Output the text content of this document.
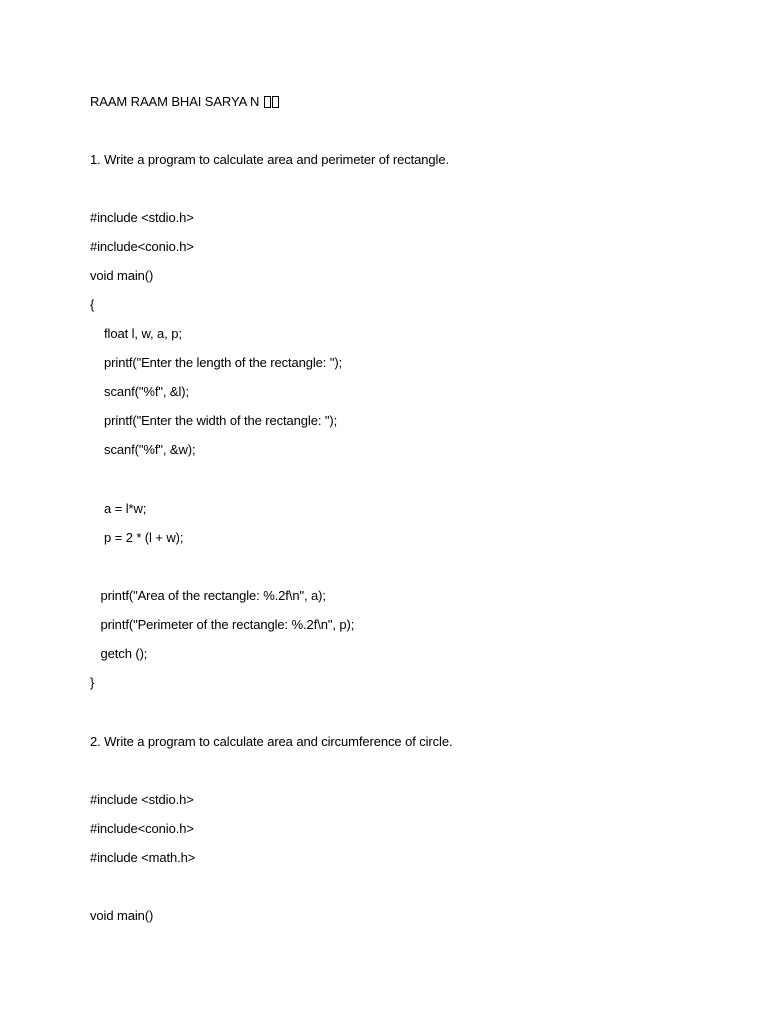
RAAM RAAM BHAI SARYA N
1. Write a program to calculate area and perimeter of rectangle.
#include <stdio.h>
#include<conio.h>
void main()
{
float l, w, a, p;
printf("Enter the length of the rectangle: ");
scanf("%f", &l);
printf("Enter the width of the rectangle: ");
scanf("%f", &w);
a = l*w;
p = 2 * (l + w);
printf("Area of the rectangle: %.2f\n", a);
printf("Perimeter of the rectangle: %.2f\n", p);
getch ();
}
2. Write a program to calculate area and circumference of circle.
#include <stdio.h>
#include<conio.h>
#include <math.h>
void main()
